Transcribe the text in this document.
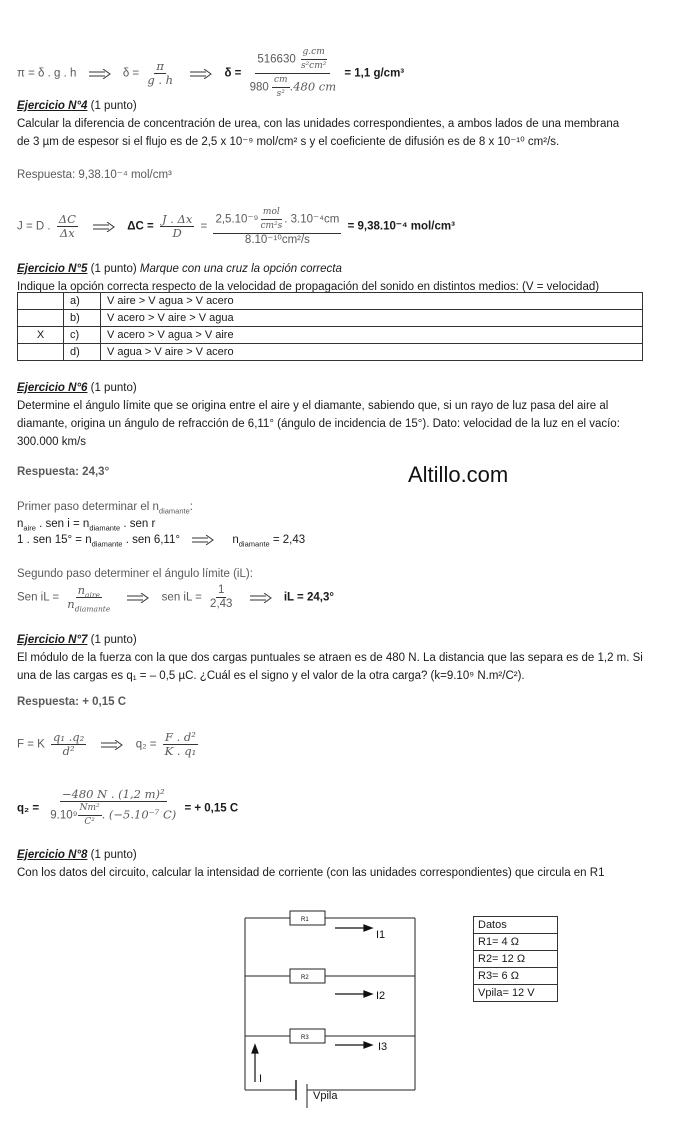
π = δ . g . h	$\delta = \frac{\pi}{g . h}$	$\delta = \frac{516630 \frac{g.cm}{\text{s²cm²}}}{980 \frac{cm}{\text{s²}} .480 cm} = 1,1$ g/cm³
Ejercicio N°4 (1 punto)
Calcular la diferencia de concentración de urea, con las unidades correspondientes, a ambos lados de una membrana
de 3 µm de espesor si el flujo es de 2,5 x 10⁻⁹ mol/cm² s y el coeficiente de difusión es de 8 x 10⁻¹⁰ cm²/s.
Respuesta: 9,38.10⁻⁴ mol/cm³
J = D . $\frac{\Delta C}{\Delta x}$	$\Delta C = \frac{J . \Delta x}{D} = \frac{2,5.10^{-9} \frac{\text{mol}}{\text{cm²s}} . 3.10^{-4}cm}{\text{8.10⁻¹⁰cm²/s}} = 9,38.10^{-4}$ mol/cm³
Ejercicio N°5 (1 punto) Marque con una cruz la opción correcta
Indique la opción correcta respecto de la velocidad de propagación del sonido en distintos medios: (V = velocidad)
	a)	V aire > V agua > V acero
	b)	V acero > V aire > V agua
X	c)	V acero > V agua > V aire
	d)	V agua > V aire > V acero
Ejercicio N°6 (1 punto)
Determine el ángulo límite que se origina entre el aire y el diamante, sabiendo que, si un rayo de luz pasa del aire al
diamante, origina un ángulo de refracción de 6,11° (ángulo de incidencia de 15°). Dato: velocidad de la luz en el vacío:
300.000 km/s
Respuesta: 24,3°	Altillo.com
Primer paso determinar el $n_{diamante}$:
$n_{aire}$ . sen $i = n_{diamante}$ . sen r
1 . sen $15^\circ = n_{diamante}$ . sen 6,11°	$n_{diamante} = 2,43$
Segundo paso determiner el ángulo límite (iL):
Sen iL = $\frac{n_{aire}}{n_{diamante}}$	sen iL = $\frac{1}{2,43}$	iL = 24,3°
Ejercicio N°7 (1 punto)
El módulo de la fuerza con la que dos cargas puntuales se atraen es de 480 N. La distancia que las separa es de 1,2 m. Si
una de las cargas es q₁ = – 0,5 µC. ¿Cuál es el signo y el valor de la otra carga? (k=9.10⁹ N.m²/C²).
Respuesta: + 0,15 C
F = K $\frac{\text{q₁ .q₂}}{\text{d²}}$	$q_2 = \frac{\text{F . d²}}{\text{K . q₁}}$
$q_2 = \frac{\text{−480 N . (1,2 m)²}}{9.10^9 \frac{\text{Nm²}}{\text{C²}} . (-5.10^{-7} C)}$ = + 0,15 C
Ejercicio N°8 (1 punto)
Con los datos del circuito, calcular la intensidad de corriente (con las unidades correspondientes) que circula en R1
R1
R2
R3
I1
I2
I3
I
Vpila
Datos
R1= 4 Ω
R2= 12 Ω
R3= 6 Ω
Vpila= 12 V
